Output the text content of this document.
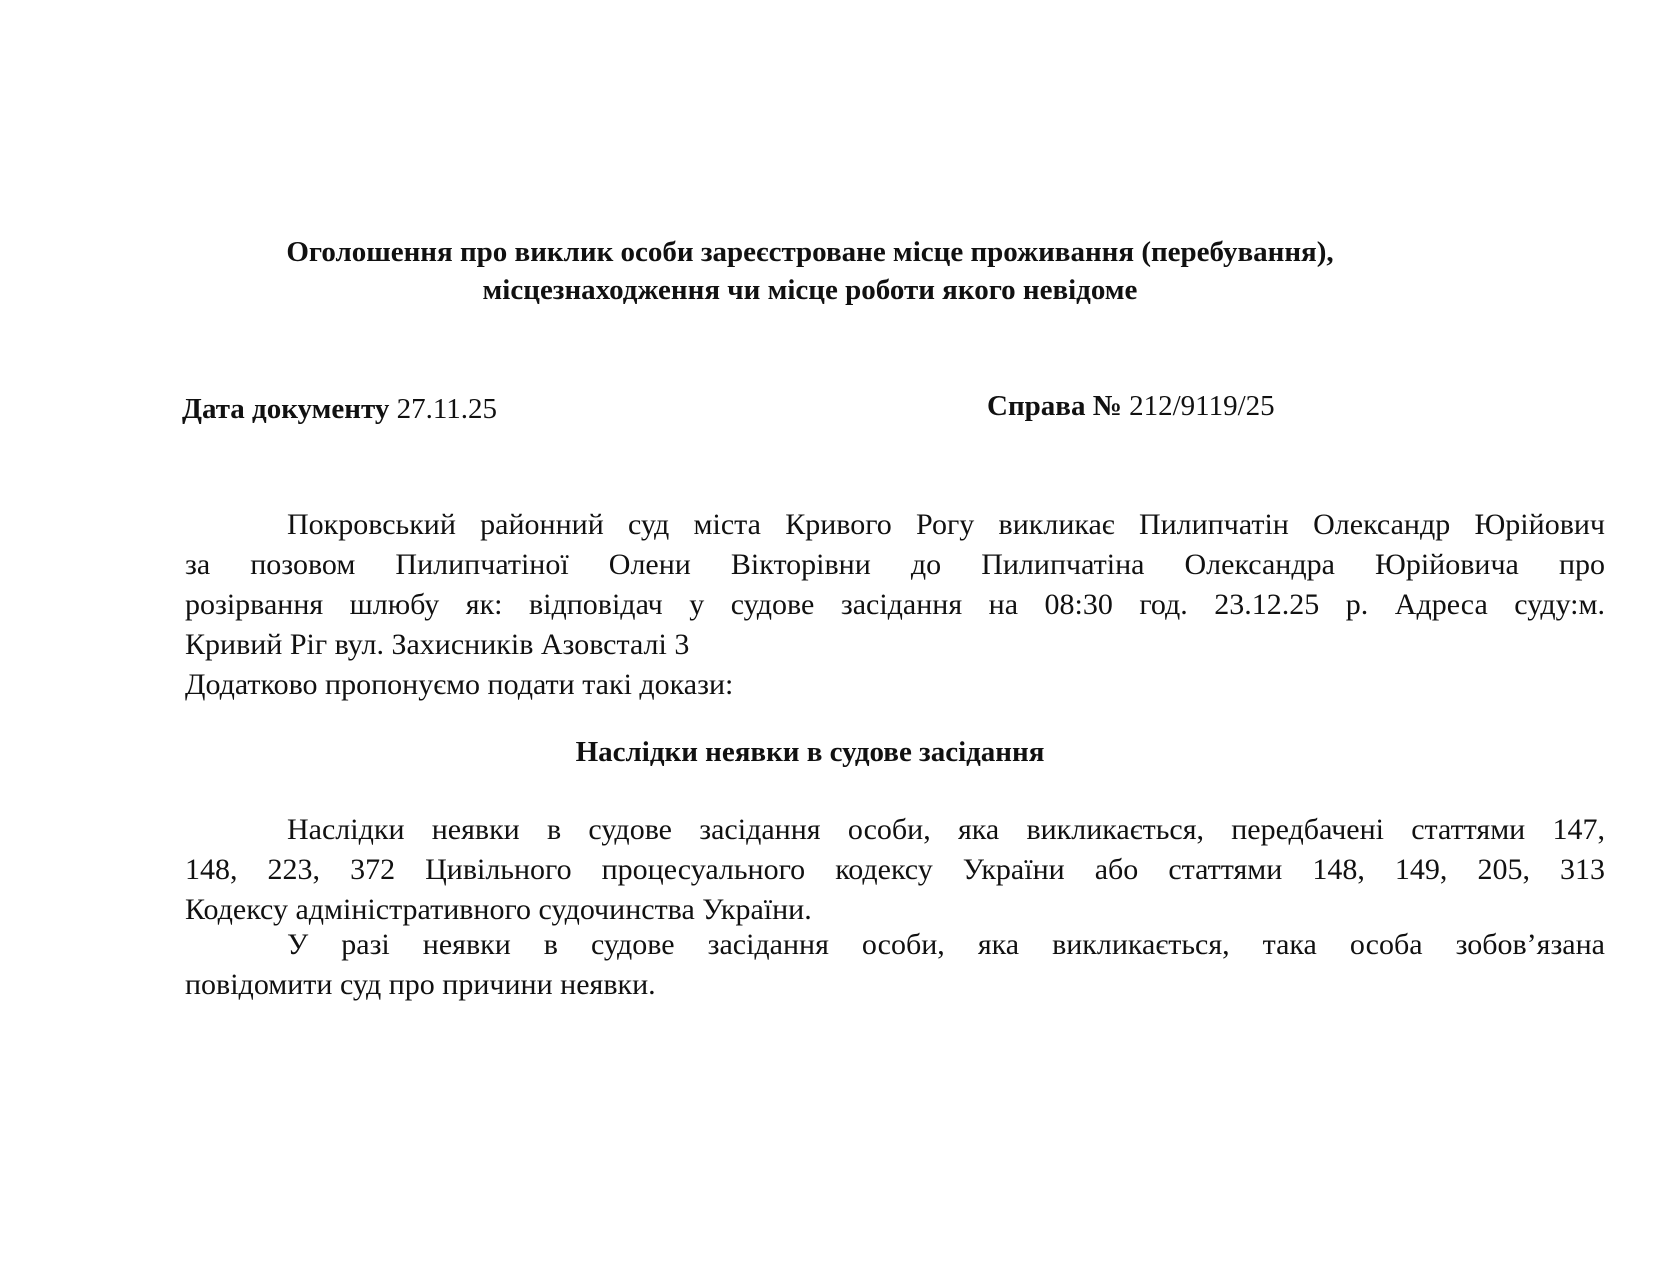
Оголошення про виклик особи зареєстроване місце проживання (перебування),
місцезнаходження чи місце роботи якого невідоме
Дата документу 27.11.25	Справа № 212/9119/25
Покровський районний суд міста Кривого Рогу викликає Пилипчатін Олександр Юрійович
за позовом Пилипчатіної Олени Вікторівни до Пилипчатіна Олександра Юрійовича про
розірвання шлюбу як: відповідач у судове засідання на 08:30 год. 23.12.25 р. Адреса суду:м.
Кривий Ріг вул. Захисників Азовсталі 3
Додатково пропонуємо подати такі докази:
Наслідки неявки в судове засідання
Наслідки неявки в судове засідання особи, яка викликається, передбачені статтями 147,
148, 223, 372 Цивільного процесуального кодексу України або статтями 148, 149, 205, 313
Кодексу адміністративного судочинства України.
У разі неявки в судове засідання особи, яка викликається, така особа зобов’язана
повідомити суд про причини неявки.
